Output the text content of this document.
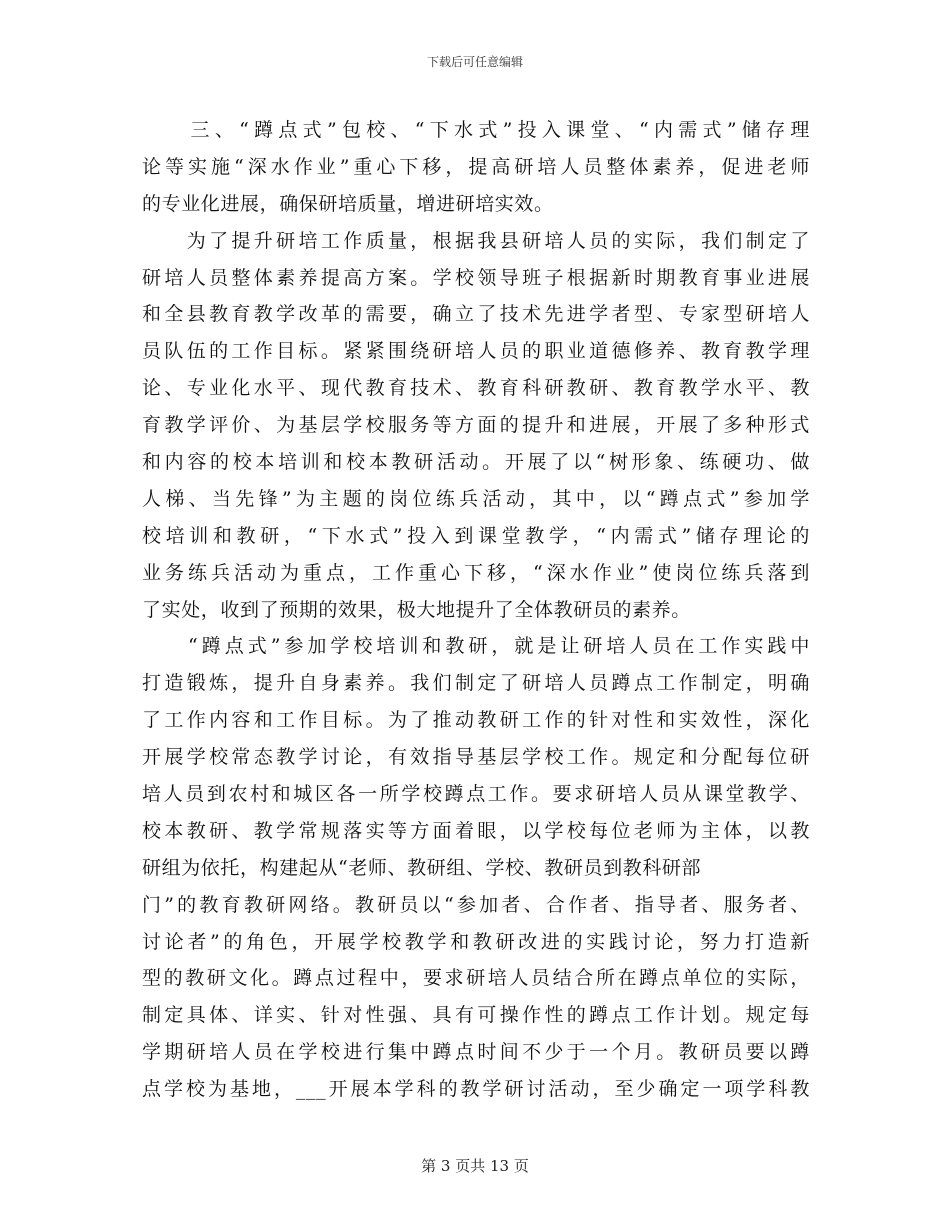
下载后可任意编辑
　　三、“蹲点式”包校、“下水式”投入课堂、“内需式”储存理
论等实施“深水作业”重心下移，提高研培人员整体素养，促进老师
的专业化进展，确保研培质量，增进研培实效。
　　为了提升研培工作质量，根据我县研培人员的实际，我们制定了
研培人员整体素养提高方案。学校领导班子根据新时期教育事业进展
和全县教育教学改革的需要，确立了技术先进学者型、专家型研培人
员队伍的工作目标。紧紧围绕研培人员的职业道德修养、教育教学理
论、专业化水平、现代教育技术、教育科研教研、教育教学水平、教
育教学评价、为基层学校服务等方面的提升和进展，开展了多种形式
和内容的校本培训和校本教研活动。开展了以“树形象、练硬功、做
人梯、当先锋”为主题的岗位练兵活动，其中，以“蹲点式”参加学
校培训和教研，“下水式”投入到课堂教学，“内需式”储存理论的
业务练兵活动为重点，工作重心下移，“深水作业”使岗位练兵落到
了实处，收到了预期的效果，极大地提升了全体教研员的素养。
　　“蹲点式”参加学校培训和教研，就是让研培人员在工作实践中
打造锻炼，提升自身素养。我们制定了研培人员蹲点工作制定，明确
了工作内容和工作目标。为了推动教研工作的针对性和实效性，深化
开展学校常态教学讨论，有效指导基层学校工作。规定和分配每位研
培人员到农村和城区各一所学校蹲点工作。要求研培人员从课堂教学、
校本教研、教学常规落实等方面着眼，以学校每位老师为主体，以教
研组为依托，构建起从“老师、教研组、学校、教研员到教科研部
门”的教育教研网络。教研员以“参加者、合作者、指导者、服务者、
讨论者”的角色，开展学校教学和教研改进的实践讨论，努力打造新
型的教研文化。蹲点过程中，要求研培人员结合所在蹲点单位的实际，
制定具体、详实、针对性强、具有可操作性的蹲点工作计划。规定每
学期研培人员在学校进行集中蹲点时间不少于一个月。教研员要以蹲
点学校为基地，___开展本学科的教学研讨活动，至少确定一项学科教
第 3 页共 13 页
